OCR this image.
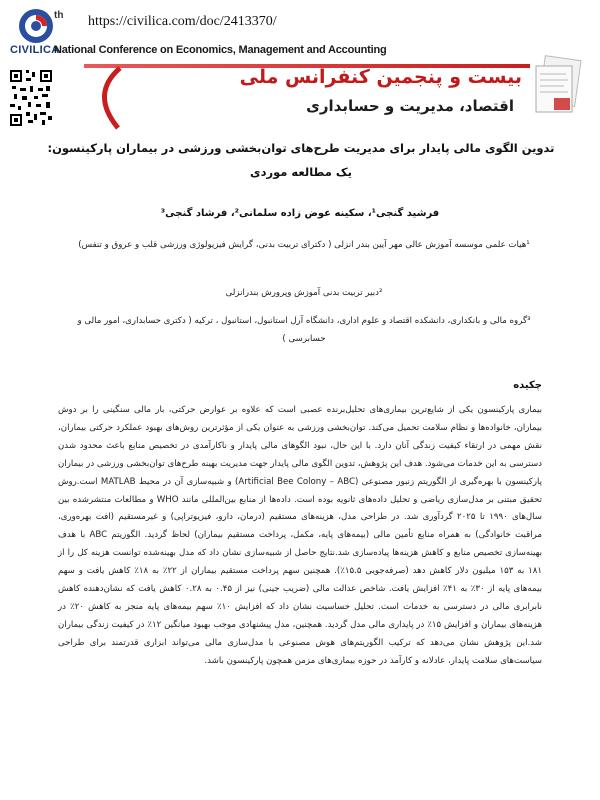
CIVILICA
https://civilica.com/doc/2413370/
th
National Conference on Economics, Management and Accounting
بیست و پنجمین کنفرانس ملی
اقتصاد، مدیریت و حسابداری
تدوین الگوی مالی پایدار برای مدیریت طرح‌های توان‌بخشی ورزشی در بیماران پارکینسون: یک مطالعه موردی
فرشید گنجی¹، سکینه عوض زاده سلمانی²، فرشاد گنجی³
¹هیات علمی موسسه آموزش عالی مهر آیین بندر انزلی ( دکترای تربیت بدنی، گرایش فیزیولوژی ورزشی قلب و عروق و تنفس)
²دبیر تربیت بدنی آموزش وپرورش بندرانزلی
³گروه مالی و بانکداری، دانشکده اقتصاد و علوم اداری، دانشگاه آرل استانبول، استانبول ، ترکیه ( دکتری حسابداری، امور مالی و حسابرسی )
چکیده
بیماری پارکینسون یکی از شایع‌ترین بیماری‌های تحلیل‌برنده عصبی است که علاوه بر عوارض حرکتی، بار مالی سنگینی را بر دوش بیماران، خانواده‌ها و نظام سلامت تحمیل می‌کند. توان‌بخشی ورزشی به عنوان یکی از مؤثرترین روش‌های بهبود عملکرد حرکتی بیماران، نقش مهمی در ارتقاء کیفیت زندگی آنان دارد. با این حال، نبود الگوهای مالی پایدار و ناکارآمدی در تخصیص منابع باعث محدود شدن دسترسی به این خدمات می‌شود. هدف این پژوهش، تدوین الگوی مالی پایدار جهت مدیریت بهینه طرح‌های توان‌بخشی ورزشی در بیماران پارکینسون با بهره‌گیری از الگوریتم زنبور مصنوعی (Artificial Bee Colony – ABC) و شبیه‌سازی آن در محیط MATLAB است.روش تحقیق مبتنی بر مدل‌سازی ریاضی و تحلیل داده‌های ثانویه بوده است. داده‌ها از منابع بین‌المللی مانند WHO و مطالعات منتشرشده بین سال‌های ۱۹۹۰ تا ۲۰۲۵ گردآوری شد. در طراحی مدل، هزینه‌های مستقیم (درمان، دارو، فیزیوتراپی) و غیرمستقیم (افت بهره‌وری، مراقبت خانوادگی) به همراه منابع تأمین مالی (بیمه‌های پایه، مکمل، پرداخت مستقیم بیماران) لحاظ گردید. الگوریتم ABC با هدف بهینه‌سازی تخصیص منابع و کاهش هزینه‌ها پیاده‌سازی شد.نتایج حاصل از شبیه‌سازی نشان داد که مدل بهینه‌شده توانست هزینه کل را از ۱۸۱ به ۱۵۳ میلیون دلار کاهش دهد (صرفه‌جویی ۱۵.۵٪). همچنین سهم پرداخت مستقیم بیماران از ۲۲٪ به ۱۸٪ کاهش یافت و سهم بیمه‌های پایه از ۳۰٪ به ۴۱٪ افزایش یافت. شاخص عدالت مالی (ضریب جینی) نیز از ۰.۴۵ به ۰.۲۸ کاهش یافت که نشان‌دهنده کاهش نابرابری مالی در دسترسی به خدمات است. تحلیل حساسیت نشان داد که افزایش ۱۰٪ سهم بیمه‌های پایه منجر به کاهش ۲۰٪ در هزینه‌های بیماران و افزایش ۱۵٪ در پایداری مالی مدل گردید. همچنین، مدل پیشنهادی موجب بهبود میانگین ۱۲٪ در کیفیت زندگی بیماران شد.این پژوهش نشان می‌دهد که ترکیب الگوریتم‌های هوش مصنوعی با مدل‌سازی مالی می‌تواند ابزاری قدرتمند برای طراحی سیاست‌های سلامت پایدار، عادلانه و کارآمد در حوزه بیماری‌های مزمن همچون پارکینسون باشد.
